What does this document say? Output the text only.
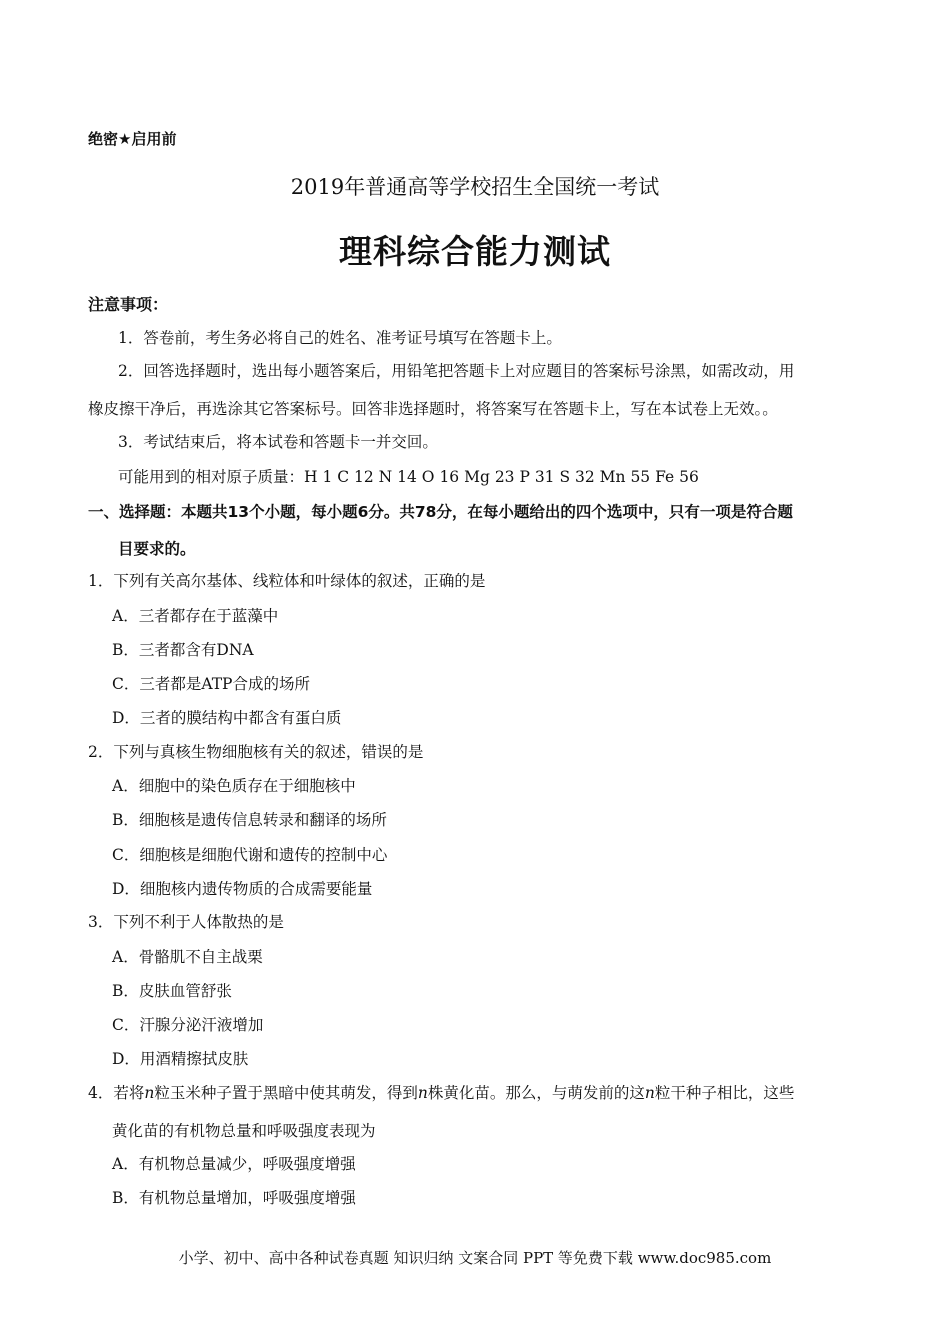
绝密★启用前
2019年普通高等学校招生全国统一考试
理科综合能力测试
注意事项：
1．答卷前，考生务必将自己的姓名、准考证号填写在答题卡上。
2．回答选择题时，选出每小题答案后，用铅笔把答题卡上对应题目的答案标号涂黑，如需改动，用
橡皮擦干净后，再选涂其它答案标号。回答非选择题时，将答案写在答题卡上，写在本试卷上无效。。
3．考试结束后，将本试卷和答题卡一并交回。
可能用到的相对原子质量：H 1 C 12 N 14 O 16 Mg 23 P 31 S 32 Mn 55 Fe 56
一、选择题：本题共13个小题，每小题6分。共78分，在每小题给出的四个选项中，只有一项是符合题
目要求的。
1．下列有关高尔基体、线粒体和叶绿体的叙述，正确的是
A．三者都存在于蓝藻中
B．三者都含有DNA
C．三者都是ATP合成的场所
D．三者的膜结构中都含有蛋白质
2．下列与真核生物细胞核有关的叙述，错误的是
A．细胞中的染色质存在于细胞核中
B．细胞核是遗传信息转录和翻译的场所
C．细胞核是细胞代谢和遗传的控制中心
D．细胞核内遗传物质的合成需要能量
3．下列不利于人体散热的是
A．骨骼肌不自主战栗
B．皮肤血管舒张
C．汗腺分泌汗液增加
D．用酒精擦拭皮肤
4．若将n粒玉米种子置于黑暗中使其萌发，得到n株黄化苗。那么，与萌发前的这n粒干种子相比，这些
黄化苗的有机物总量和呼吸强度表现为
A．有机物总量减少，呼吸强度增强
B．有机物总量增加，呼吸强度增强
小学、初中、高中各种试卷真题 知识归纳 文案合同 PPT 等免费下载 www.doc985.com
